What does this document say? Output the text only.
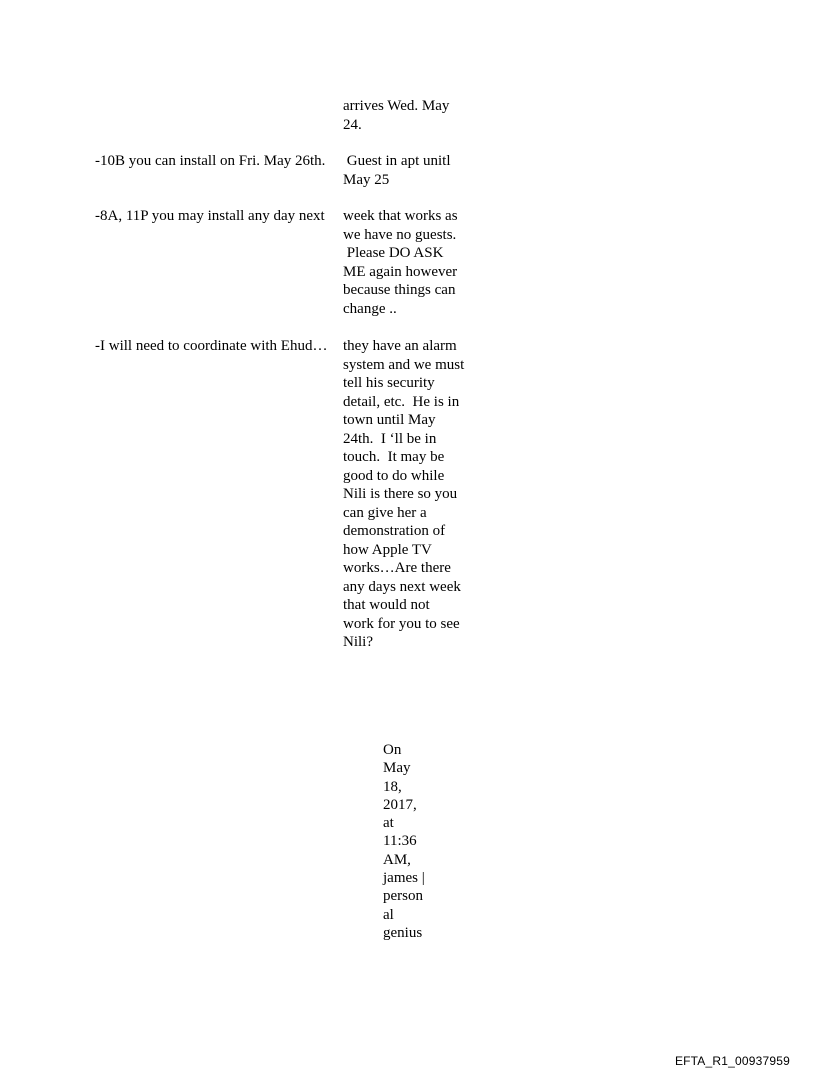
arrives Wed. May
24.
-10B you can install on Fri. May 26th. Guest in apt unitl
May 25
-8A, 11P you may install any day next week that works as
we have no guests.
Please DO ASK
ME again however
because things can
change ..
-I will need to coordinate with Ehud… they have an alarm
system and we must
tell his security
detail, etc.  He is in
town until May
24th.  I ‘ll be in
touch.  It may be
good to do while
Nili is there so you
can give her a
demonstration of
how Apple TV
works…Are there
any days next week
that would not
work for you to see
Nili?
On
May
18,
2017,
at
11:36
AM,
james |
person
al
genius
EFTA_R1_00937959
